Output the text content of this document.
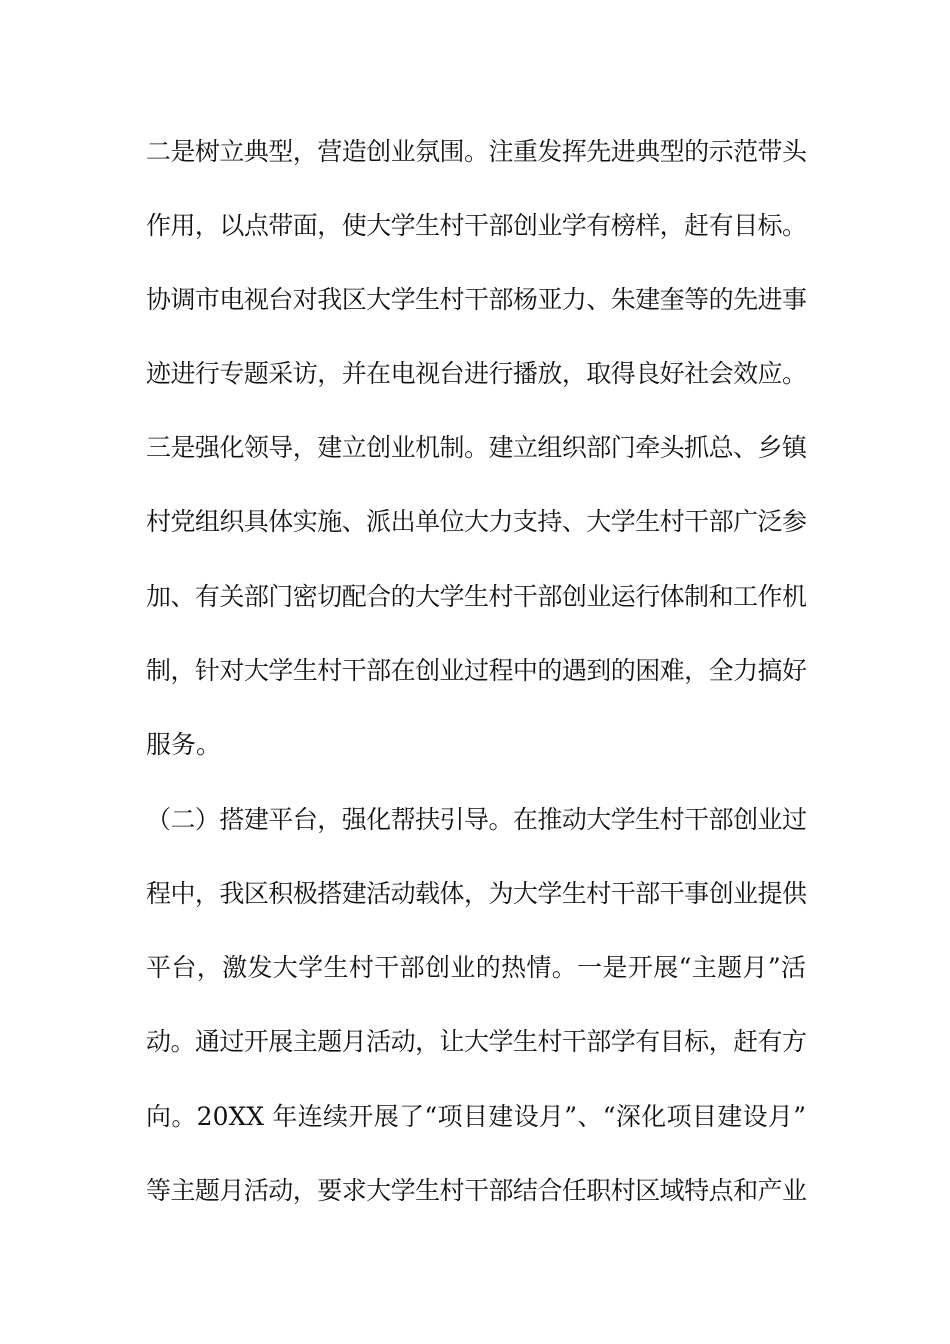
二是树立典型，营造创业氛围。注重发挥先进典型的示范带头
作用，以点带面，使大学生村干部创业学有榜样，赶有目标。
协调市电视台对我区大学生村干部杨亚力、朱建奎等的先进事
迹进行专题采访，并在电视台进行播放，取得良好社会效应。
三是强化领导，建立创业机制。建立组织部门牵头抓总、乡镇
村党组织具体实施、派出单位大力支持、大学生村干部广泛参
加、有关部门密切配合的大学生村干部创业运行体制和工作机
制，针对大学生村干部在创业过程中的遇到的困难，全力搞好
服务。
（二）搭建平台，强化帮扶引导。在推动大学生村干部创业过
程中，我区积极搭建活动载体，为大学生村干部干事创业提供
平台，激发大学生村干部创业的热情。一是开展“主题月”活
动。通过开展主题月活动，让大学生村干部学有目标，赶有方
向。20XX 年连续开展了“项目建设月”、“深化项目建设月”
等主题月活动，要求大学生村干部结合任职村区域特点和产业
